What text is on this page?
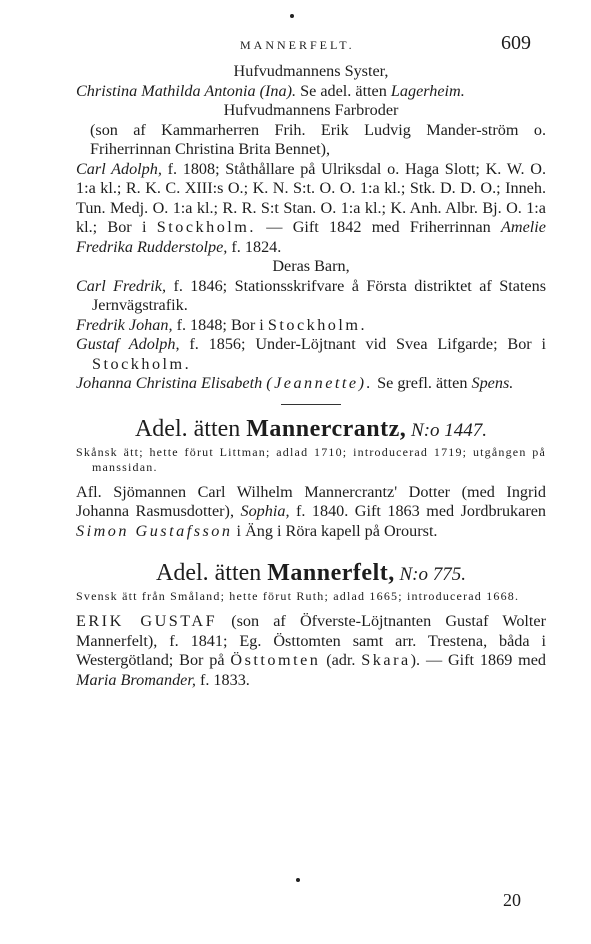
MANNERFELT.	609

Hufvudmannens Syster,

Christina Mathilda Antonia (Ina). Se adel. ätten Lagerheim.

Hufvudmannens Farbroder

(son af Kammarherren Frih. Erik Ludvig Mander-ström o. Friherrinnan Christina Brita Bennet),

Carl Adolph, f. 1808; Ståthållare på Ulriksdal o. Haga Slott; K. W. O. 1:a kl.; R. K. C. XIII:s O.; K. N. S:t. O. O. 1:a kl.; Stk. D. D. O.; Inneh. Tun. Medj. O. 1:a kl.; R. R. S:t Stan. O. 1:a kl.; K. Anh. Albr. Bj. O. 1:a kl.; Bor i Stockholm. — Gift 1842 med Friherrinnan Amelie Fredrika Rudderstolpe, f. 1824.

Deras Barn,

Carl Fredrik, f. 1846; Stationsskrifvare å Första distriktet af Statens Jernvägstrafik.

Fredrik Johan, f. 1848; Bor i Stockholm.

Gustaf Adolph, f. 1856; Under-Löjtnant vid Svea Lifgarde; Bor i Stockholm.

Johanna Christina Elisabeth (Jeannette). Se grefl. ätten Spens.

Adel. ätten Mannercrantz, N:o 1447.

Skånsk ätt; hette förut Littman; adlad 1710; introducerad 1719; utgången på manssidan.

Afl. Sjömannen Carl Wilhelm Mannercrantz' Dotter (med Ingrid Johanna Rasmusdotter), Sophia, f. 1840. Gift 1863 med Jordbrukaren Simon Gustafsson i Äng i Röra kapell på Orourst.

Adel. ätten Mannerfelt, N:o 775.

Svensk ätt från Småland; hette förut Ruth; adlad 1665; introducerad 1668.

ERIK GUSTAF (son af Öfverste-Löjtnanten Gustaf Wolter Mannerfelt), f. 1841; Eg. Östtomten samt arr. Trestena, båda i Westergötland; Bor på Östtomten (adr. Skara). — Gift 1869 med Maria Bromander, f. 1833.

20
